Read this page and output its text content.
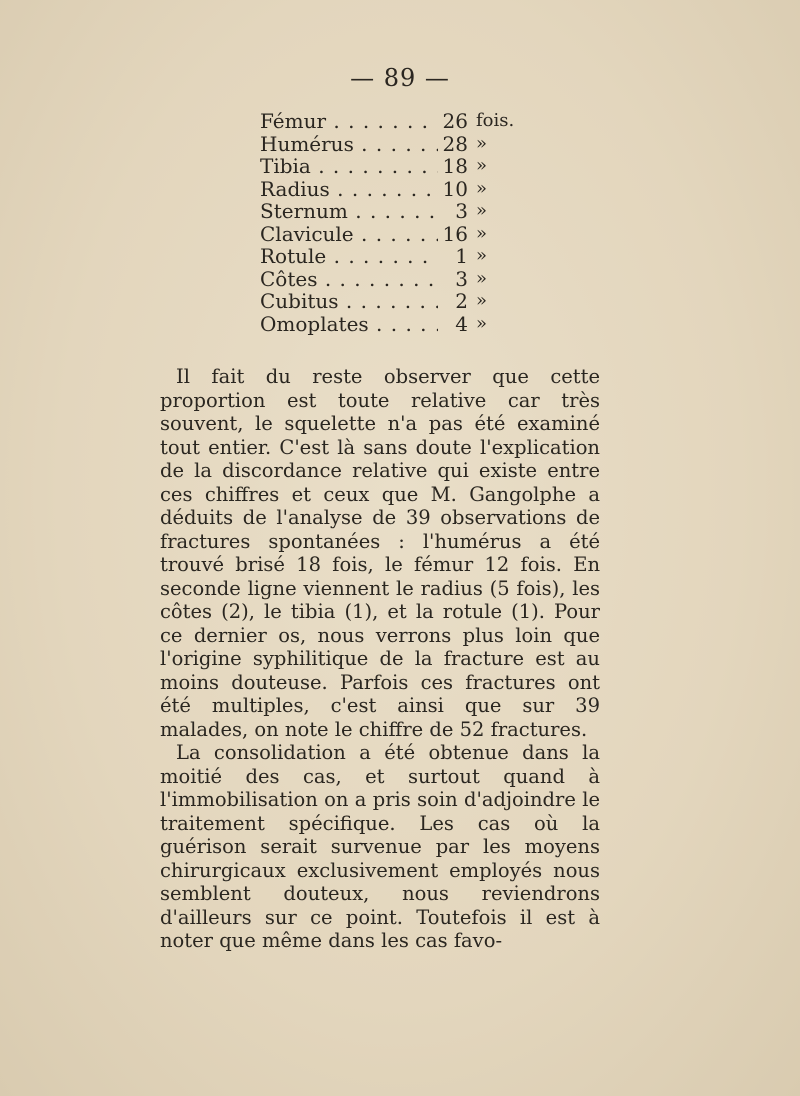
— 89 —
Fémur . . .	26 fois.
Humérus . . .	28 »
Tibia . . .	18 »
Radius . . .	10 »
Sternum . . .	3 »
Clavicule . . .	16 »
Rotule . . .	1 »
Côtes . . .	3 »
Cubitus . . .	2 »
Omoplates . . .	4 »

Il fait du reste observer que cette proportion est toute relative car très souvent, le squelette n'a pas été examiné tout entier. C'est là sans doute l'explication de la discordance relative qui existe entre ces chiffres et ceux que M. Gangolphe a déduits de l'analyse de 39 observations de fractures spontanées : l'humérus a été trouvé brisé 18 fois, le fémur 12 fois. En seconde ligne viennent le radius (5 fois), les côtes (2), le tibia (1), et la rotule (1). Pour ce dernier os, nous verrons plus loin que l'origine syphilitique de la fracture est au moins douteuse. Parfois ces fractures ont été multiples, c'est ainsi que sur 39 malades, on note le chiffre de 52 fractures.

La consolidation a été obtenue dans la moitié des cas, et surtout quand à l'immobilisation on a pris soin d'adjoindre le traitement spécifique. Les cas où la guérison serait survenue par les moyens chirurgicaux exclusivement employés nous semblent douteux, nous reviendrons d'ailleurs sur ce point. Toutefois il est à noter que même dans les cas favo-
